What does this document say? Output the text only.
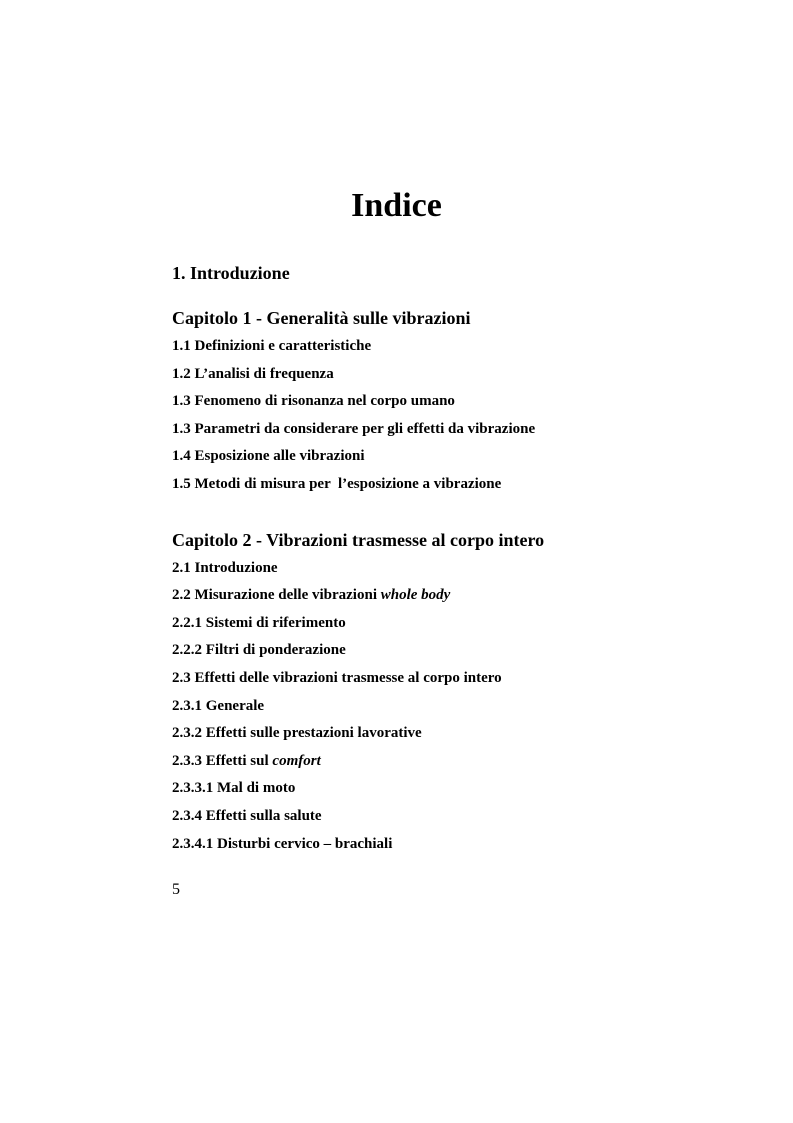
Indice

1. Introduzione

Capitolo 1 - Generalità sulle vibrazioni

1.1 Definizioni e caratteristiche

1.2 L’analisi di frequenza

1.3 Fenomeno di risonanza nel corpo umano

1.3 Parametri da considerare per gli effetti da vibrazione

1.4 Esposizione alle vibrazioni

1.5 Metodi di misura per  l’esposizione a vibrazione

Capitolo 2 - Vibrazioni trasmesse al corpo intero

2.1 Introduzione

2.2 Misurazione delle vibrazioni whole body

2.2.1 Sistemi di riferimento

2.2.2 Filtri di ponderazione

2.3 Effetti delle vibrazioni trasmesse al corpo intero

2.3.1 Generale

2.3.2 Effetti sulle prestazioni lavorative

2.3.3 Effetti sul comfort

2.3.3.1 Mal di moto

2.3.4 Effetti sulla salute

2.3.4.1 Disturbi cervico – brachiali

5
